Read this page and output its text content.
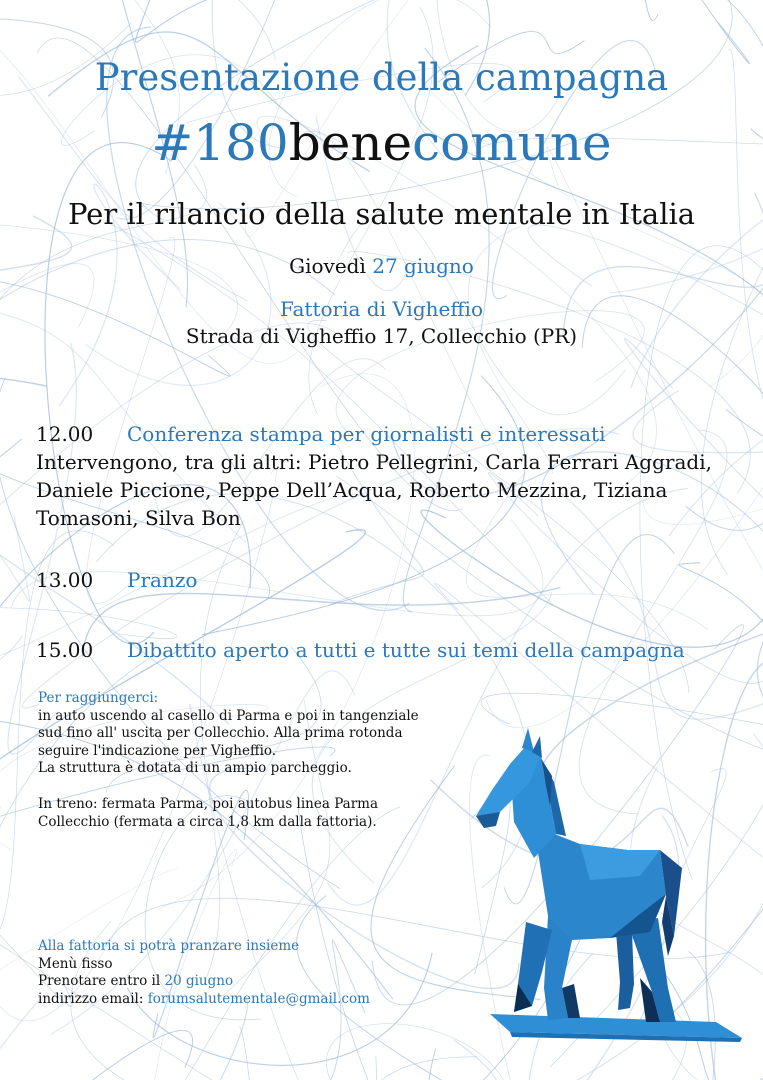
Presentazione della campagna
#180benecomune
Per il rilancio della salute mentale in Italia
Giovedì 27 giugno
Fattoria di Vigheffio
Strada di Vigheffio 17, Collecchio (PR)
12.00	Conferenza stampa per giornalisti e interessati
Intervengono, tra gli altri: Pietro Pellegrini, Carla Ferrari Aggradi, Daniele Piccione, Peppe Dell’Acqua, Roberto Mezzina, Tiziana Tomasoni, Silva Bon
13.00	Pranzo
15.00	Dibattito aperto a tutti e tutte sui temi della campagna

Per raggiungerci:

in auto uscendo al casello di Parma e poi in tangenziale

sud fino all' uscita per Collecchio. Alla prima rotonda

seguire l'indicazione per Vigheffio.

La struttura è dotata di un ampio parcheggio.

In treno: fermata Parma, poi autobus linea Parma

Collecchio (fermata a circa 1,8 km dalla fattoria).

Alla fattoria si potrà pranzare insieme

Menù fisso

Prenotare entro il 20 giugno

indirizzo email: forumsalutementale@gmail.com
